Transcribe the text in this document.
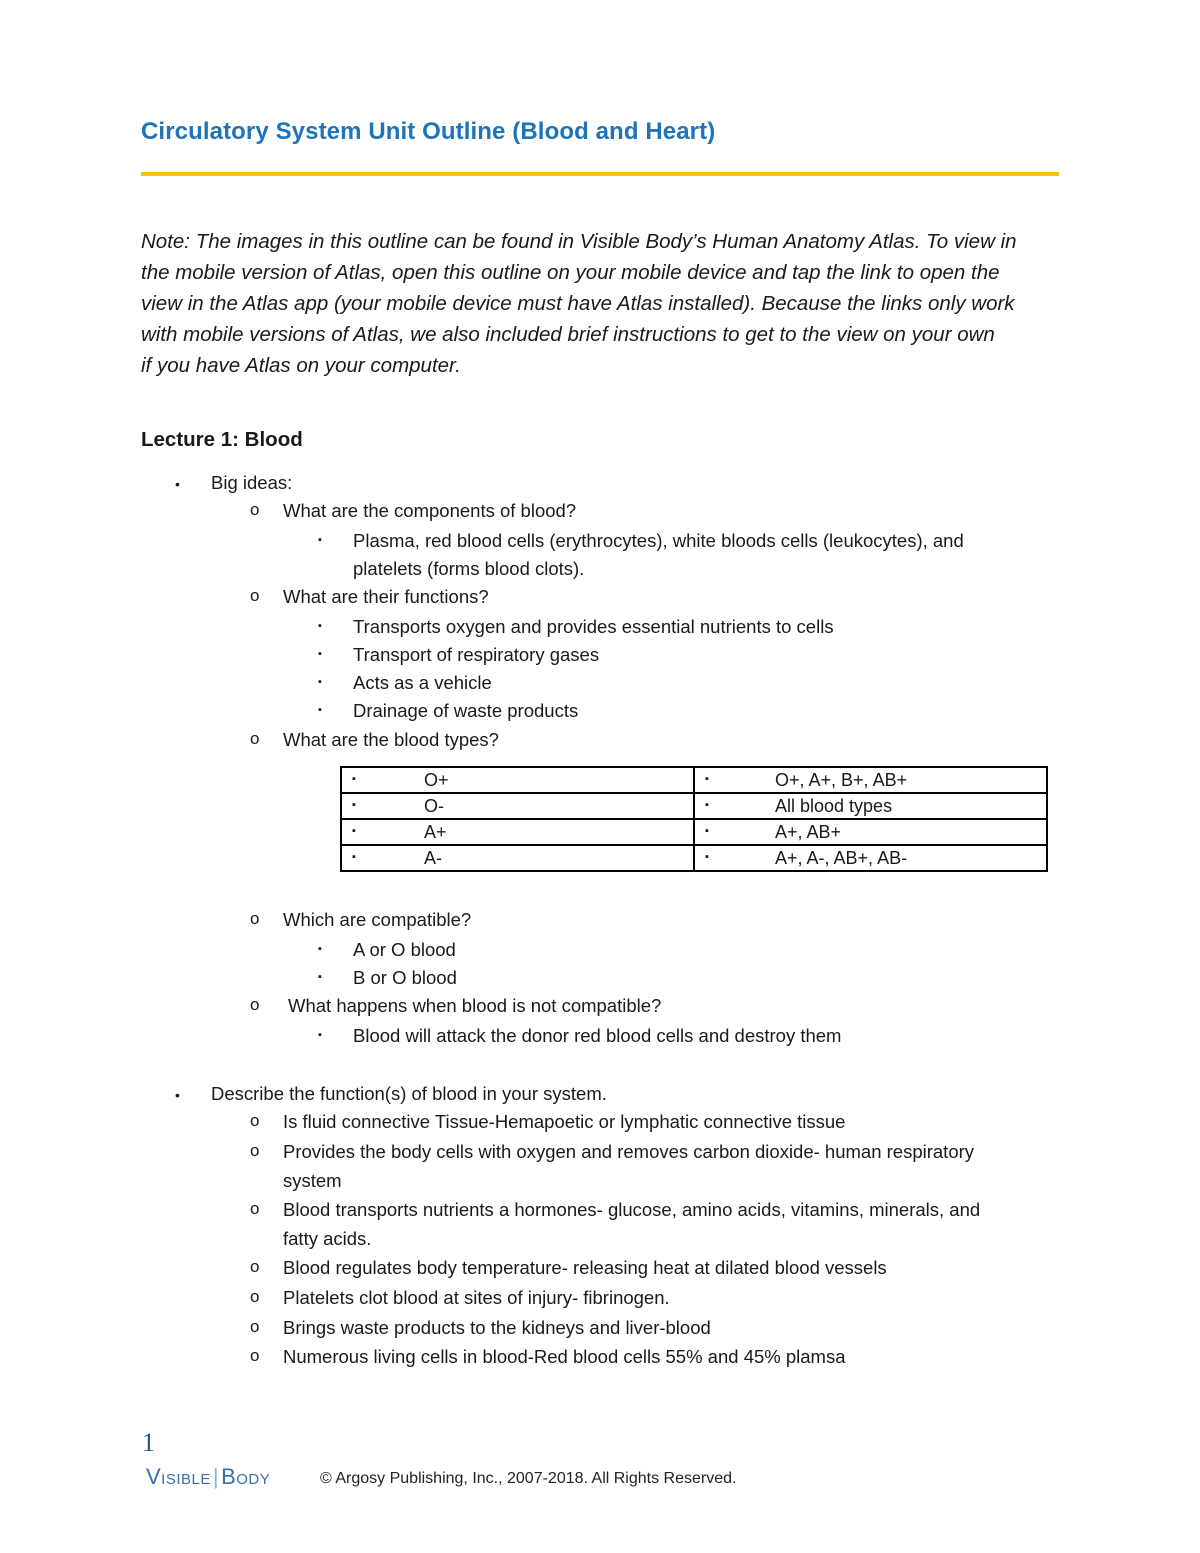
Circulatory System Unit Outline (Blood and Heart)

Note: The images in this outline can be found in Visible Body’s Human Anatomy Atlas. To view in
the mobile version of Atlas, open this outline on your mobile device and tap the link to open the
view in the Atlas app (your mobile device must have Atlas installed). Because the links only work
with mobile versions of Atlas, we also included brief instructions to get to the view on your own
if you have Atlas on your computer.

Lecture 1: Blood
• Big ideas:
o What are the components of blood?
▪ Plasma, red blood cells (erythrocytes), white bloods cells (leukocytes), and
platelets (forms blood clots).
o What are their functions?
▪ Transports oxygen and provides essential nutrients to cells
▪ Transport of respiratory gases
▪ Acts as a vehicle
▪ Drainage of waste products
o What are the blood types?
▪ O+	▪ O+, A+, B+, AB+

▪ O-	▪ All blood types

▪ A+	▪ A+, AB+

▪ A-	▪ A+, A-, AB+, AB-
o Which are compatible?
▪ A or O blood
▪ B or O blood
o What happens when blood is not compatible?
▪ Blood will attack the donor red blood cells and destroy them
• Describe the function(s) of blood in your system.
o Is fluid connective Tissue-Hemapoetic or lymphatic connective tissue
o Provides the body cells with oxygen and removes carbon dioxide- human respiratory
system
o Blood transports nutrients a hormones- glucose, amino acids, vitamins, minerals, and
fatty acids.
o Blood regulates body temperature- releasing heat at dilated blood vessels
o Platelets clot blood at sites of injury- fibrinogen.
o Brings waste products to the kidneys and liver-blood
o Numerous living cells in blood-Red blood cells 55% and 45% plamsa
1
Visible|Body	© Argosy Publishing, Inc., 2007-2018. All Rights Reserved.
